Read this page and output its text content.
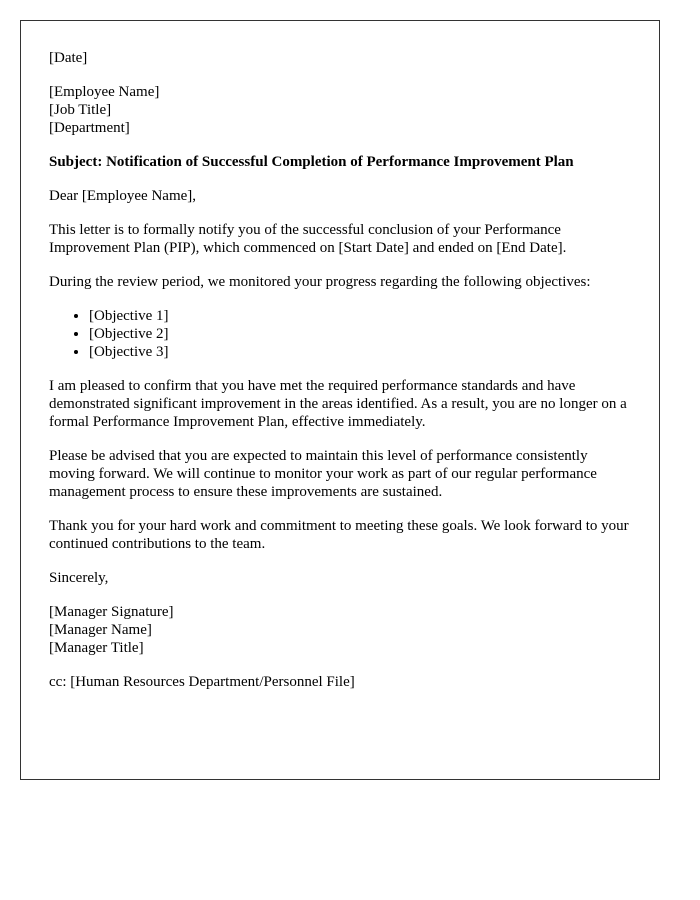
[Date]
[Employee Name]
[Job Title]
[Department]
Subject: Notification of Successful Completion of Performance Improvement Plan

Dear [Employee Name],

This letter is to formally notify you of the successful conclusion of your Performance Improvement Plan (PIP), which commenced on [Start Date] and ended on [End Date].

During the review period, we monitored your progress regarding the following objectives:

• [Objective 1]
• [Objective 2]
• [Objective 3]

I am pleased to confirm that you have met the required performance standards and have demonstrated significant improvement in the areas identified. As a result, you are no longer on a formal Performance Improvement Plan, effective immediately.

Please be advised that you are expected to maintain this level of performance consistently moving forward. We will continue to monitor your work as part of our regular performance management process to ensure these improvements are sustained.

Thank you for your hard work and commitment to meeting these goals. We look forward to your continued contributions to the team.

Sincerely,

[Manager Signature]
[Manager Name]
[Manager Title]
cc: [Human Resources Department/Personnel File]
